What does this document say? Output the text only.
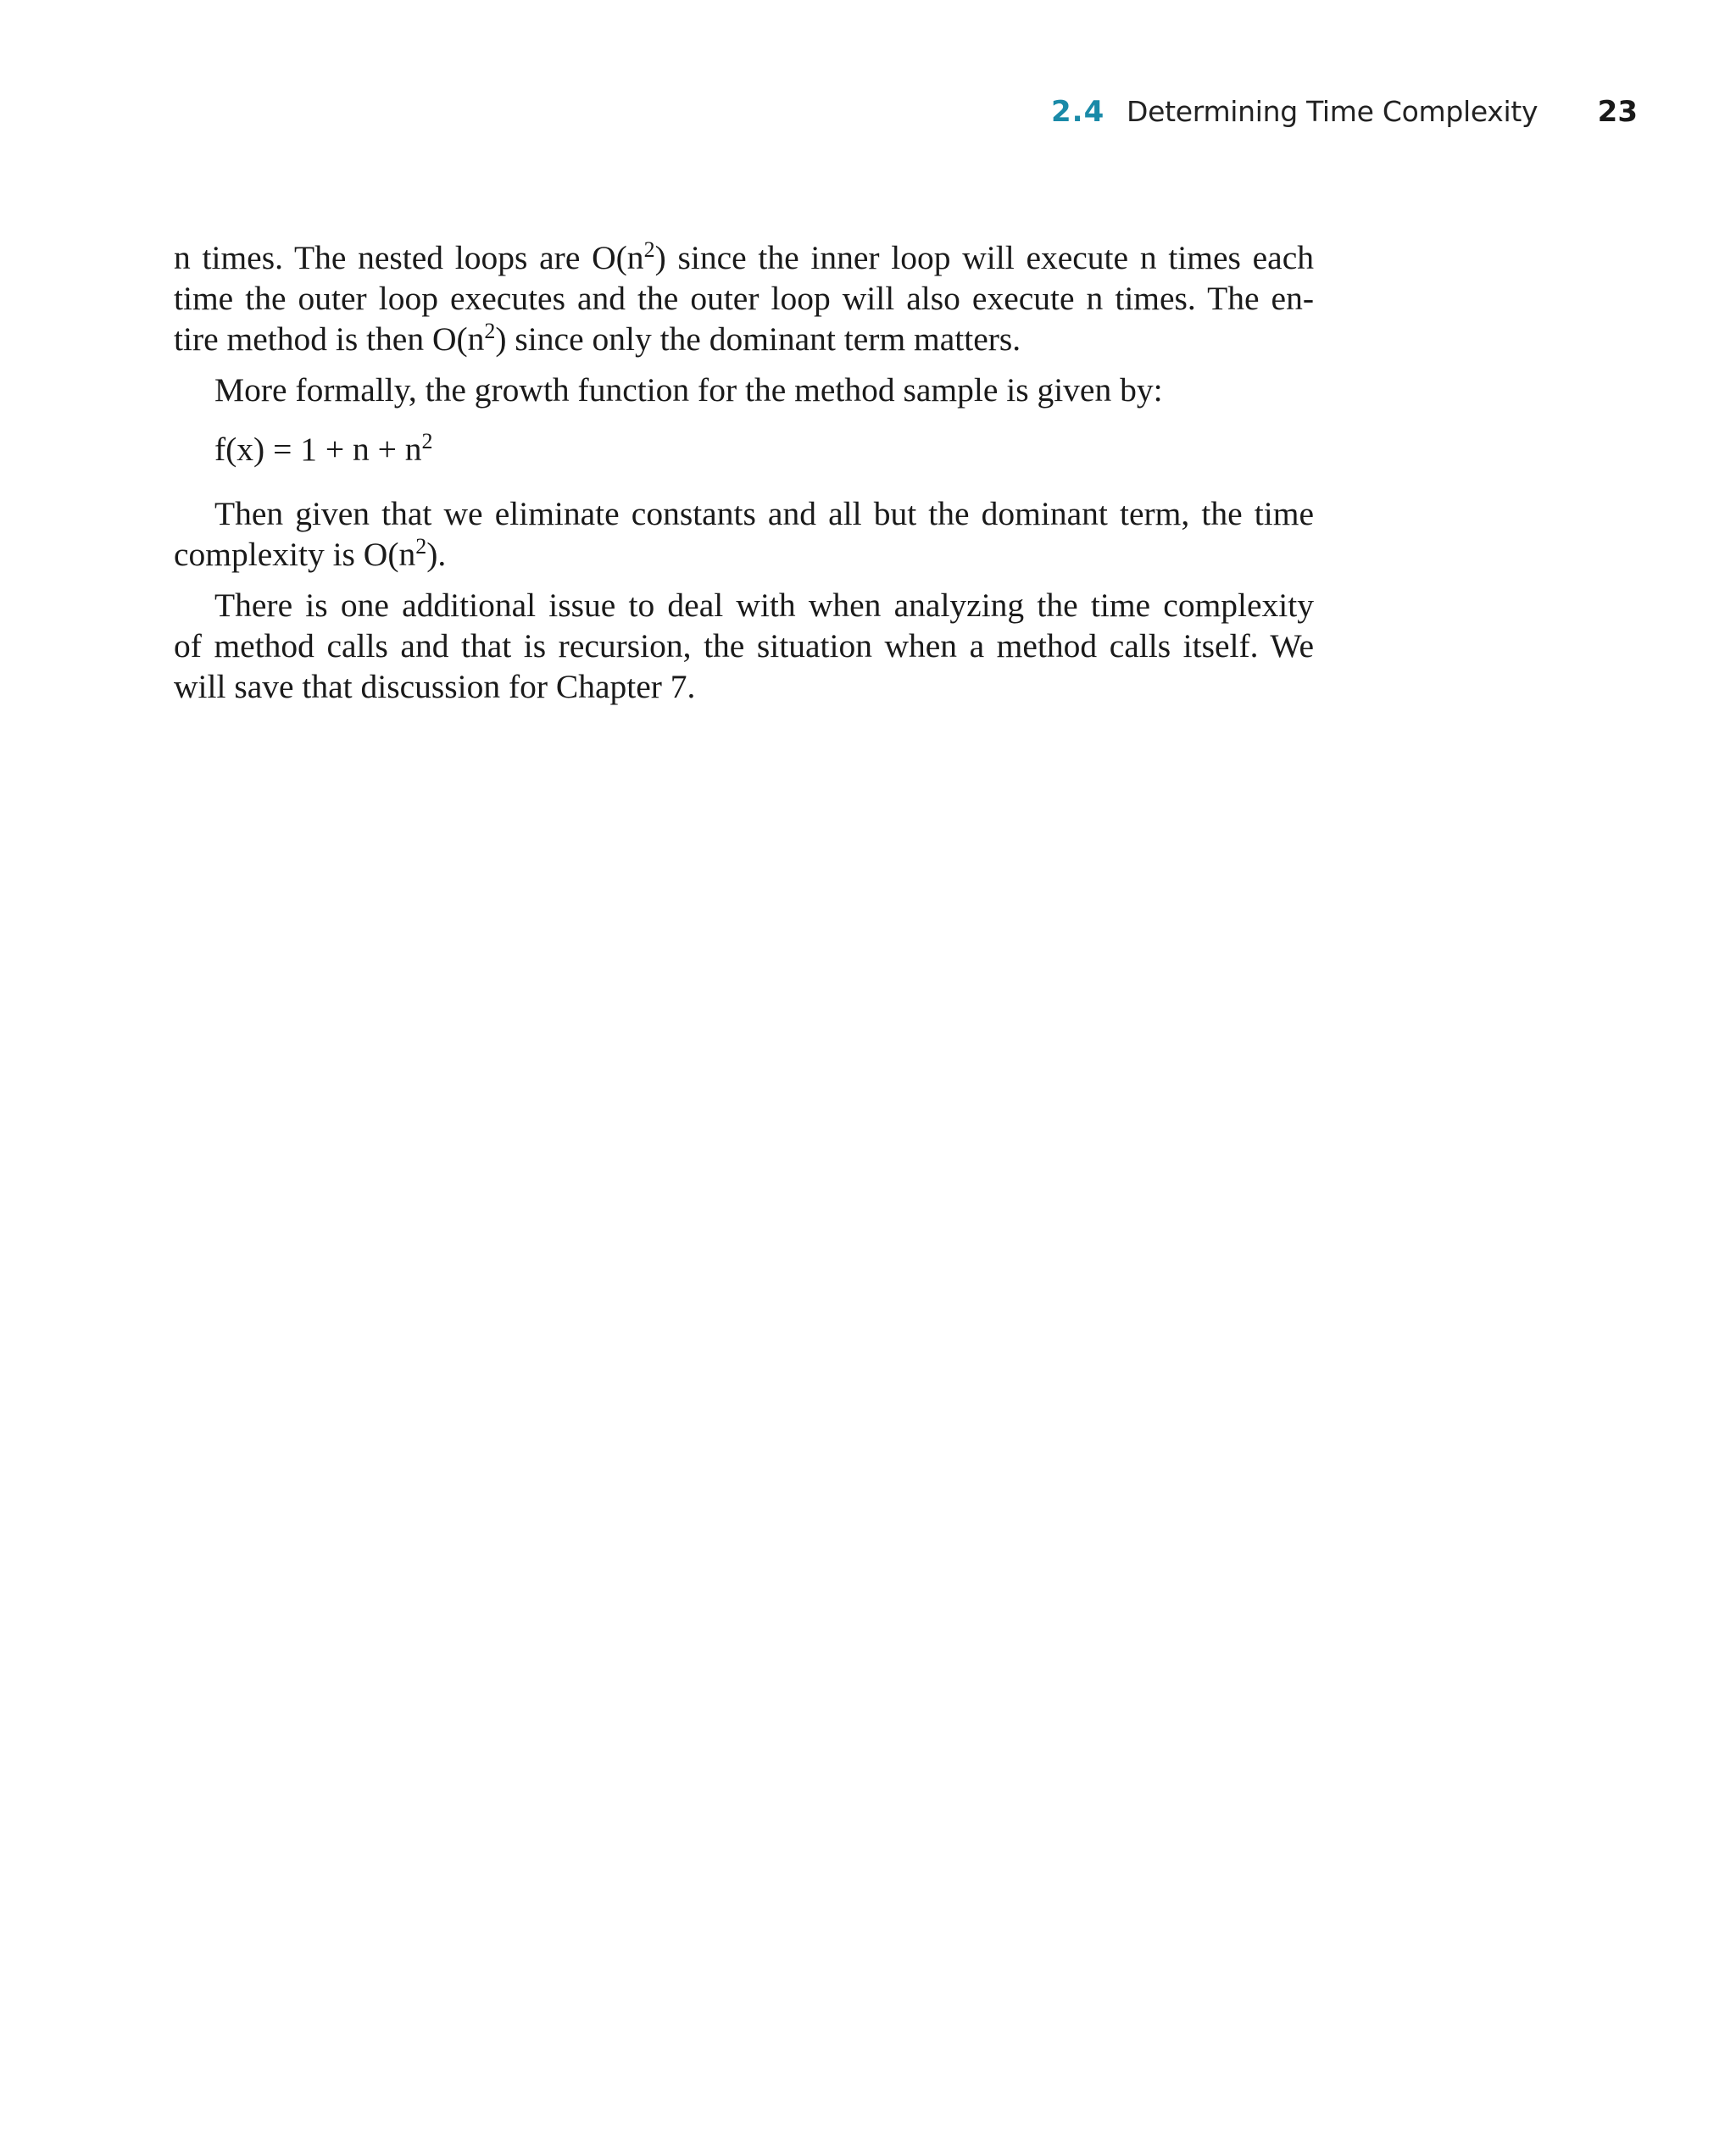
2.4 Determining Time Complexity 23
n times. The nested loops are $O(n^2)$ since the inner loop will execute n times each
time the outer loop executes and the outer loop will also execute n times. The en-
tire method is then $O(n^2)$ since only the dominant term matters.
More formally, the growth function for the method sample is given by:
$f(x) = 1 + n + n^2$
Then given that we eliminate constants and all but the dominant term, the time
complexity is $O(n^2)$.
There is one additional issue to deal with when analyzing the time complexity
of method calls and that is recursion, the situation when a method calls itself. We
will save that discussion for Chapter 7.
